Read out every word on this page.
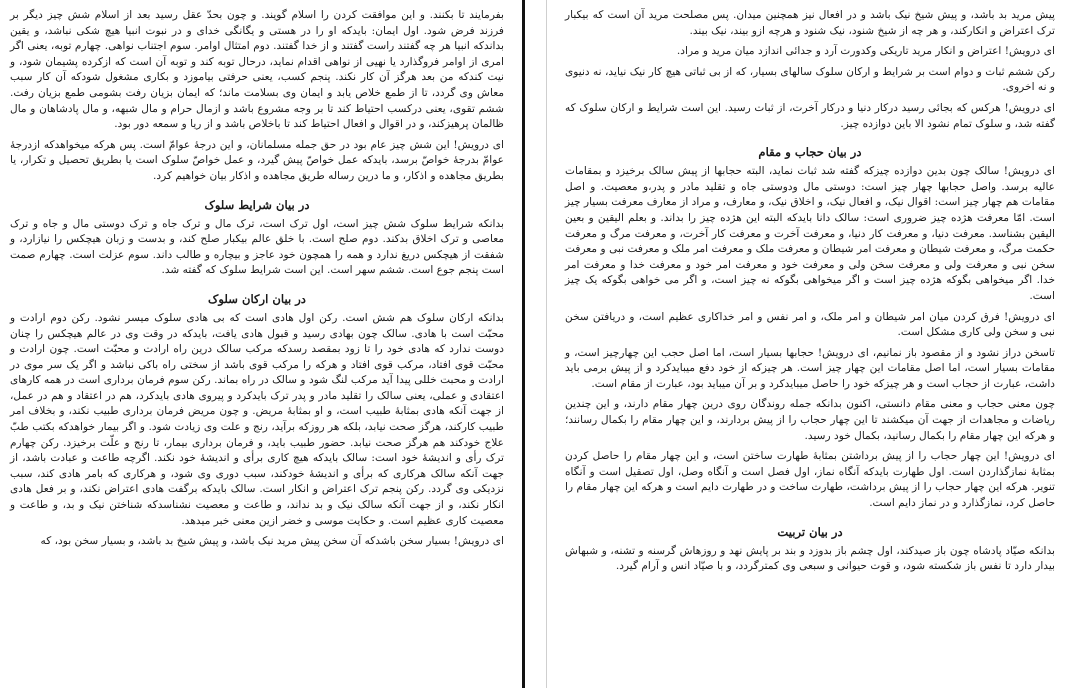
بفرمایند تا بکنند. و این موافقت کردن را اسلام گویند. و چون بحدّ عقل رسید بعد از اسلام شش چیز دیگر بر فرزند فرض شود. اول ایمان: بایدکه او را در هستی و یگانگی خدای و در نبوت انبیا هیچ شکی نباشد، و یقین بداندکه انبیا هر چه گفتند راست گفتند و از خدا گفتند. دوم امتثال اوامر. سوم اجتناب نواهی. چهارم توبه، یعنی اگر امری از اوامر فروگذارد یا نهیی از نواهی اقدام نماید، درحال توبه کند و توبه آن است که ازکرده پشیمان شود، و نیت کندکه من بعد هرگز آن کار نکند. پنجم کسب، یعنی حرفتی بیاموزد و بکاری مشغول شودکه آن کار سبب معاش وی گردد، تا از طمع خلاص یابد و ایمان وی بسلامت ماند؛ که ایمان بزیان رفت بشومی طمع بزیان رفت. ششم تقوی، یعنی درکسب احتیاط کند تا بر وجه مشروع باشد و ازمال حرام و مال شبهه، و مال پادشاهان و مال ظالمان پرهیزکند، و در اقوال و افعال احتیاط کند تا باخلاص باشد و از ریا و سمعه دور بود.

ای درویش! این شش چیز عام بود در حق جمله مسلمانان، و این درجهٔ عوامّ است. پس هرکه میخواهدکه ازدرجهٔ عوامّ بدرجهٔ خواصّ برسد، بایدکه عمل خواصّ پیش گیرد، و عمل خواصّ سلوک است یا بطریق تحصیل و تکرار، یا بطریق مجاهده و اذکار، و ما درین رساله طریق مجاهده و اذکار بیان خواهیم کرد.

در بیان شرایط سلوک

بدانکه شرایط سلوک شش چیز است، اول ترک است، ترک مال و ترک جاه و ترک دوستی مال و جاه و ترک معاصی و ترک اخلاق بدکند. دوم صلح است. با خلق عالم بیکبار صلح کند، و بدست و زبان هیچکس را نیازارد، و شفقت از هیچکس دریغ ندارد و همه را همچون خود عاجز و بیچاره و طالب داند. سوم عزلت است. چهارم صمت است پنجم جوع است. ششم سهر است. این است شرایط سلوک که گفته شد.

در بیان ارکان سلوک

بدانکه ارکان سلوک هم شش است. رکن اول هادی است که بی هادی سلوک میسر نشود. رکن دوم ارادت و محبّت است با هادی. سالک چون بهادی رسید و قبول هادی یافت، بایدکه در وقت وی در عالم هیچکس را چنان دوست ندارد که هادی خود را تا زود بمقصد رسدکه مرکب سالک درین راه ارادت و محبّت است. چون ارادت و محبّت قوی افتاد، مرکب قوی افتاد و هرکه را مرکب قوی باشد از سختی راه باکی نباشد و اگر یک سر موی در ارادت و محبت خللی پیدا آید مرکب لنگ شود و سالک در راه بماند. رکن سوم فرمان برداری است در همه کارهای اعتقادی و عملی، یعنی سالک را تقلید مادر و پدر ترک بایدکرد و پیروی هادی بایدکرد، هم در اعتقاد و هم در عمل، از جهت آنکه هادی بمثابهٔ طبیب است، و او بمثابهٔ مریض. و چون مریض فرمان برداری طبیب نکند، و بخلاف امر طبیب کارکند، هرگز صحت نیابد، بلکه هر روزکه برآید، رنج و علت وی زیادت شود. و اگر بیمار خواهدکه بکتب طبّ علاج خودکند هم هرگز صحت نیابد. حضور طبیب باید، و فرمان برداری بیمار، تا رنج و علّت برخیزد. رکن چهارم ترک رأی و اندیشهٔ خود است: سالک بایدکه هیچ کاری برأی و اندیشهٔ خود نکند. اگرچه طاعت و عبادت باشد، از جهت آنکه سالک هرکاری که برأی و اندیشهٔ خودکند، سبب دوری وی شود، و هرکاری که بامر هادی کند، سبب نزدیکی وی گردد. رکن پنجم ترک اعتراض و انکار است. سالک بایدکه برگفت هادی اعتراض نکند، و بر فعل هادی انکار نکند، و از جهت آنکه سالک نیک و بد نداند، و طاعت و معصیت نشناسدکه شناختن نیک و بد، و طاعت و معصیت کاری عظیم است. و حکایت موسی و خضر ازین معنی خبر میدهد.

ای درویش! بسیار سخن باشدکه آن سخن پیش مرید نیک باشد، و پیش شیخ بد باشد، و بسیار سخن بود، که

پیش مرید بد باشد، و پیش شیخ نیک باشد و در افعال نیز همچنین میدان. پس مصلحت مرید آن است که بیکبار ترک اعتراض و انکارکند، و هر چه از شیخ شنود، نیک شنود و هرچه ازو بیند، نیک بیند.

ای درویش! اعتراض و انکار مرید تاریکی وکدورت آرد و جدائی اندازد میان مرید و مراد.

رکن ششم ثبات و دوام است بر شرایط و ارکان سلوک سالهای بسیار، که از بی ثباتی هیچ کار نیک نیاید، نه دنیوی و نه اخروی.

ای درویش! هرکس که بجائی رسید درکار دنیا و درکار آخرت، از ثبات رسید. این است شرایط و ارکان سلوک که گفته شد، و سلوک تمام نشود الا باین دوازده چیز.

در بیان حجاب و مقام

ای درویش! سالک چون بدین دوازده چیزکه گفته شد ثبات نماید، البته حجابها از پیش سالک برخیزد و بمقامات عالیه برسد. واصل حجابها چهار چیز است: دوستی مال ودوستی جاه و تقلید مادر و پدر،و معصیت. و اصل مقامات هم چهار چیز است: اقوال نیک، و افعال نیک، و اخلاق نیک، و معارف، و مراد از معارف معرفت بسیار چیز است. امّا معرفت هژده چیز ضروری است: سالک دانا بایدکه البته این هژده چیز را بداند. و بعلم الیقین و بعین الیقین بشناسد. معرفت دنیا، و معرفت کار دنیا، و معرفت آخرت و معرفت کار آخرت، و معرفت مرگ و معرفت حکمت مرگ، و معرفت شیطان و معرفت امر شیطان و معرفت ملک و معرفت امر ملک و معرفت نبی و معرفت سخن نبی و معرفت ولی و معرفت سخن ولی و معرفت خود و معرفت امر خود و معرفت خدا و معرفت امر خدا. اگر میخواهی بگوکه هژده چیز است و اگر میخواهی بگوکه نه چیز است، و اگر می خواهی بگوکه یک چیز است.

ای درویش! فرق کردن میان امر شیطان و امر ملک، و امر نفس و امر خداکاری عظیم است، و دریافتن سخن نبی و سخن ولی کاری مشکل است.

تاسخن دراز نشود و از مقصود باز نمانیم، ای درویش! حجابها بسیار است، اما اصل حجب این چهارچیز است، و مقامات بسیار است، اما اصل مقامات این چهار چیز است. هر چیزکه از خود دفع میبایدکرد و از پیش برمی باید داشت، عبارت از حجاب است و هر چیزکه خود را حاصل میبایدکرد و بر آن میباید بود، عبارت از مقام است.

چون معنی حجاب و معنی مقام دانستی، اکنون بدانکه جمله روندگان روی درین چهار مقام دارند، و این چندین ریاضات و مجاهدات از جهت آن میکشند تا این چهار حجاب را از پیش بردارند، و این چهار مقام را بکمال رسانند؛ و هرکه این چهار مقام را بکمال رسانید، بکمال خود رسید.

ای درویش! این چهار حجاب را از پیش برداشتن بمثابهٔ طهارت ساختن است، و این چهار مقام را حاصل کردن بمثابهٔ نمازگذاردن است. اول طهارت بایدکه آنگاه نماز، اول فصل است و آنگاه وصل، اول تصقیل است و آنگاه تنویر. هرکه این چهار حجاب را از پیش برداشت، طهارت ساخت و در طهارت دایم است و هرکه این چهار مقام را حاصل کرد، نمازگذارد و در نماز دایم است.

در بیان تربیت

بدانکه صیّاد پادشاه چون باز صیدکند، اول چشم باز بدوزد و بند بر پایش نهد و روزهاش گرسنه و تشنه، و شبهاش بیدار دارد تا نفس باز شکسته شود، و قوت حیوانی و سبعی وی کمترگردد، و با صیّاد انس و آرام گیرد.
